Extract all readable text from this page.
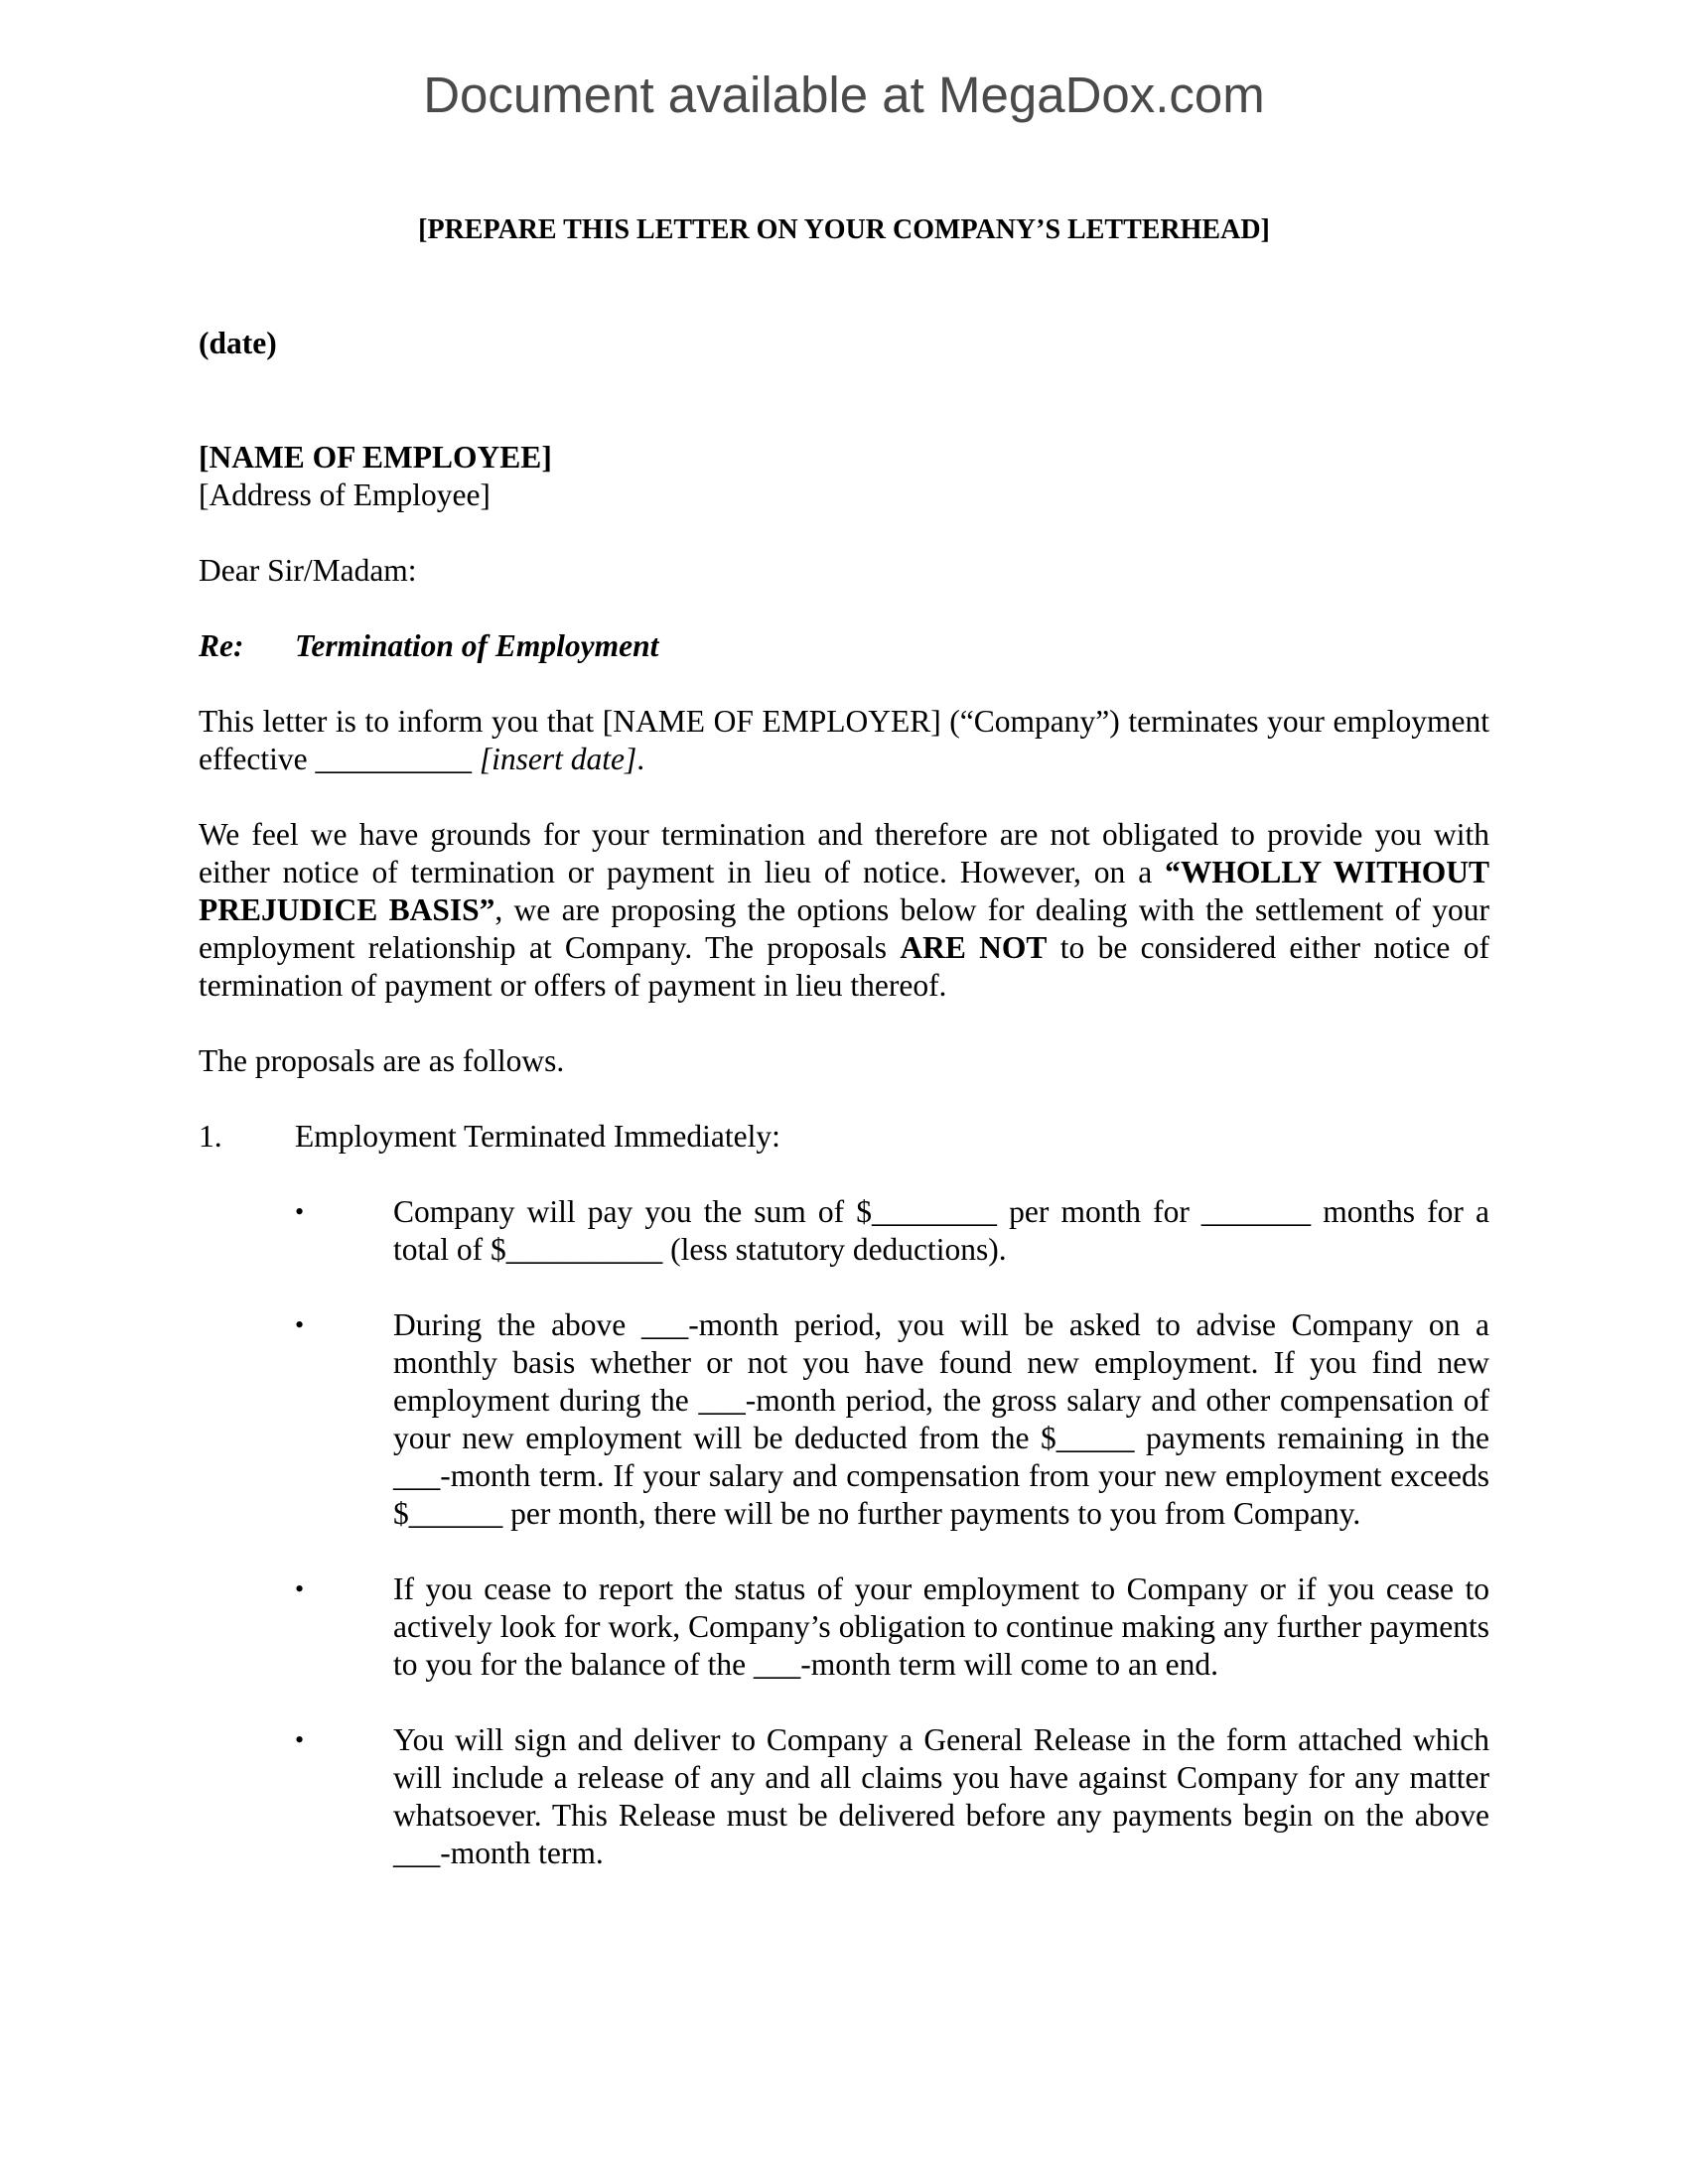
Document available at MegaDox.com
[PREPARE THIS LETTER ON YOUR COMPANY’S LETTERHEAD]

(date)

[NAME OF EMPLOYEE]

[Address of Employee]

Dear Sir/Madam:

Re: Termination of Employment

This letter is to inform you that [NAME OF EMPLOYER] (“Company”) terminates your employment effective __________ [insert date].

We feel we have grounds for your termination and therefore are not obligated to provide you with either notice of termination or payment in lieu of notice. However, on a “WHOLLY WITHOUT PREJUDICE BASIS”, we are proposing the options below for dealing with the settlement of your employment relationship at Company. The proposals ARE NOT to be considered either notice of termination of payment or offers of payment in lieu thereof.

The proposals are as follows.

1.	Employment Terminated Immediately:
•	Company will pay you the sum of $________ per month for _______ months for a total of $__________ (less statutory deductions).
•	During the above ___-month period, you will be asked to advise Company on a monthly basis whether or not you have found new employment. If you find new employment during the ___-month period, the gross salary and other compensation of your new employment will be deducted from the $_____ payments remaining in the ___-month term. If your salary and compensation from your new employment exceeds $______ per month, there will be no further payments to you from Company.
•	If you cease to report the status of your employment to Company or if you cease to actively look for work, Company’s obligation to continue making any further payments to you for the balance of the ___-month term will come to an end.
•	You will sign and deliver to Company a General Release in the form attached which will include a release of any and all claims you have against Company for any matter whatsoever. This Release must be delivered before any payments begin on the above ___-month term.
